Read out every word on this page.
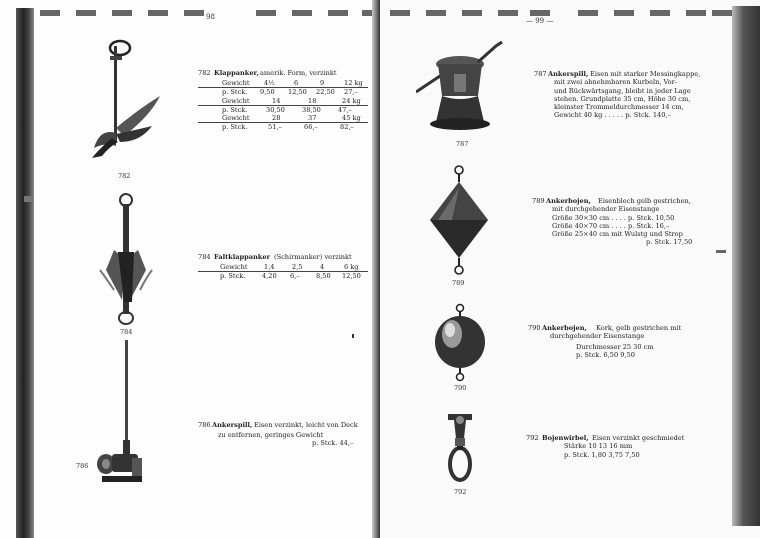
98
782
782 Klappanker, amerik. Form, verzinkt
Gewicht 4½	6	9	12 kg
p. Stck. 9,50 12,50 22,50 27,–
Gewicht	14	18	24 kg
p. Stck.	30,50	38,50	47,–
Gewicht	28	37	45 kg
p. Stck.	51,–	66,–	82,–
784
784 Faltklappanker (Schirmanker) verzinkt
Gewicht 1,4	2,5	4	6 kg
p. Stck.	4,20 6,– 8,50 12,50
786
786 Ankerspill, Eisen verzinkt, leicht von Deck
zu entfernen, geringes Gewicht
p. Stck. 44,–
— 99 —
787
787 Ankerspill, Eisen mit starker Messingkappe,
mit zwei abnehmbaren Kurbeln, Vor-
und Rückwärtsgang, bleibt in jeder Lage
stehen. Grundplatte 35 cm, Höhe 30 cm,
kleinster Trommeldurchmesser 14 cm,
Gewicht 40 kg . . . . . p. Stck. 140,–
789
789 Ankerbojen, Eisenblech gelb gestrichen,
mit durchgehender Eisenstange
Größe 30×30 cm . . . . p. Stck. 10,50
Größe 40×70 cm . . . . p. Stck. 16,–
Größe 25×40 cm mit Wulstg und Strop
p. Stck. 17,50
790
790 Ankerbojen, Kork, gelb gestrichen mit
durchgehender Eisenstange
Durchmesser 25 30 cm
p. Stck. 6,50 9,50
792
792 Bojenwirbel, Eisen verzinkt geschmiedet
Stärke 10 13 16 mm
p. Stck. 1,80 3,75 7,50
